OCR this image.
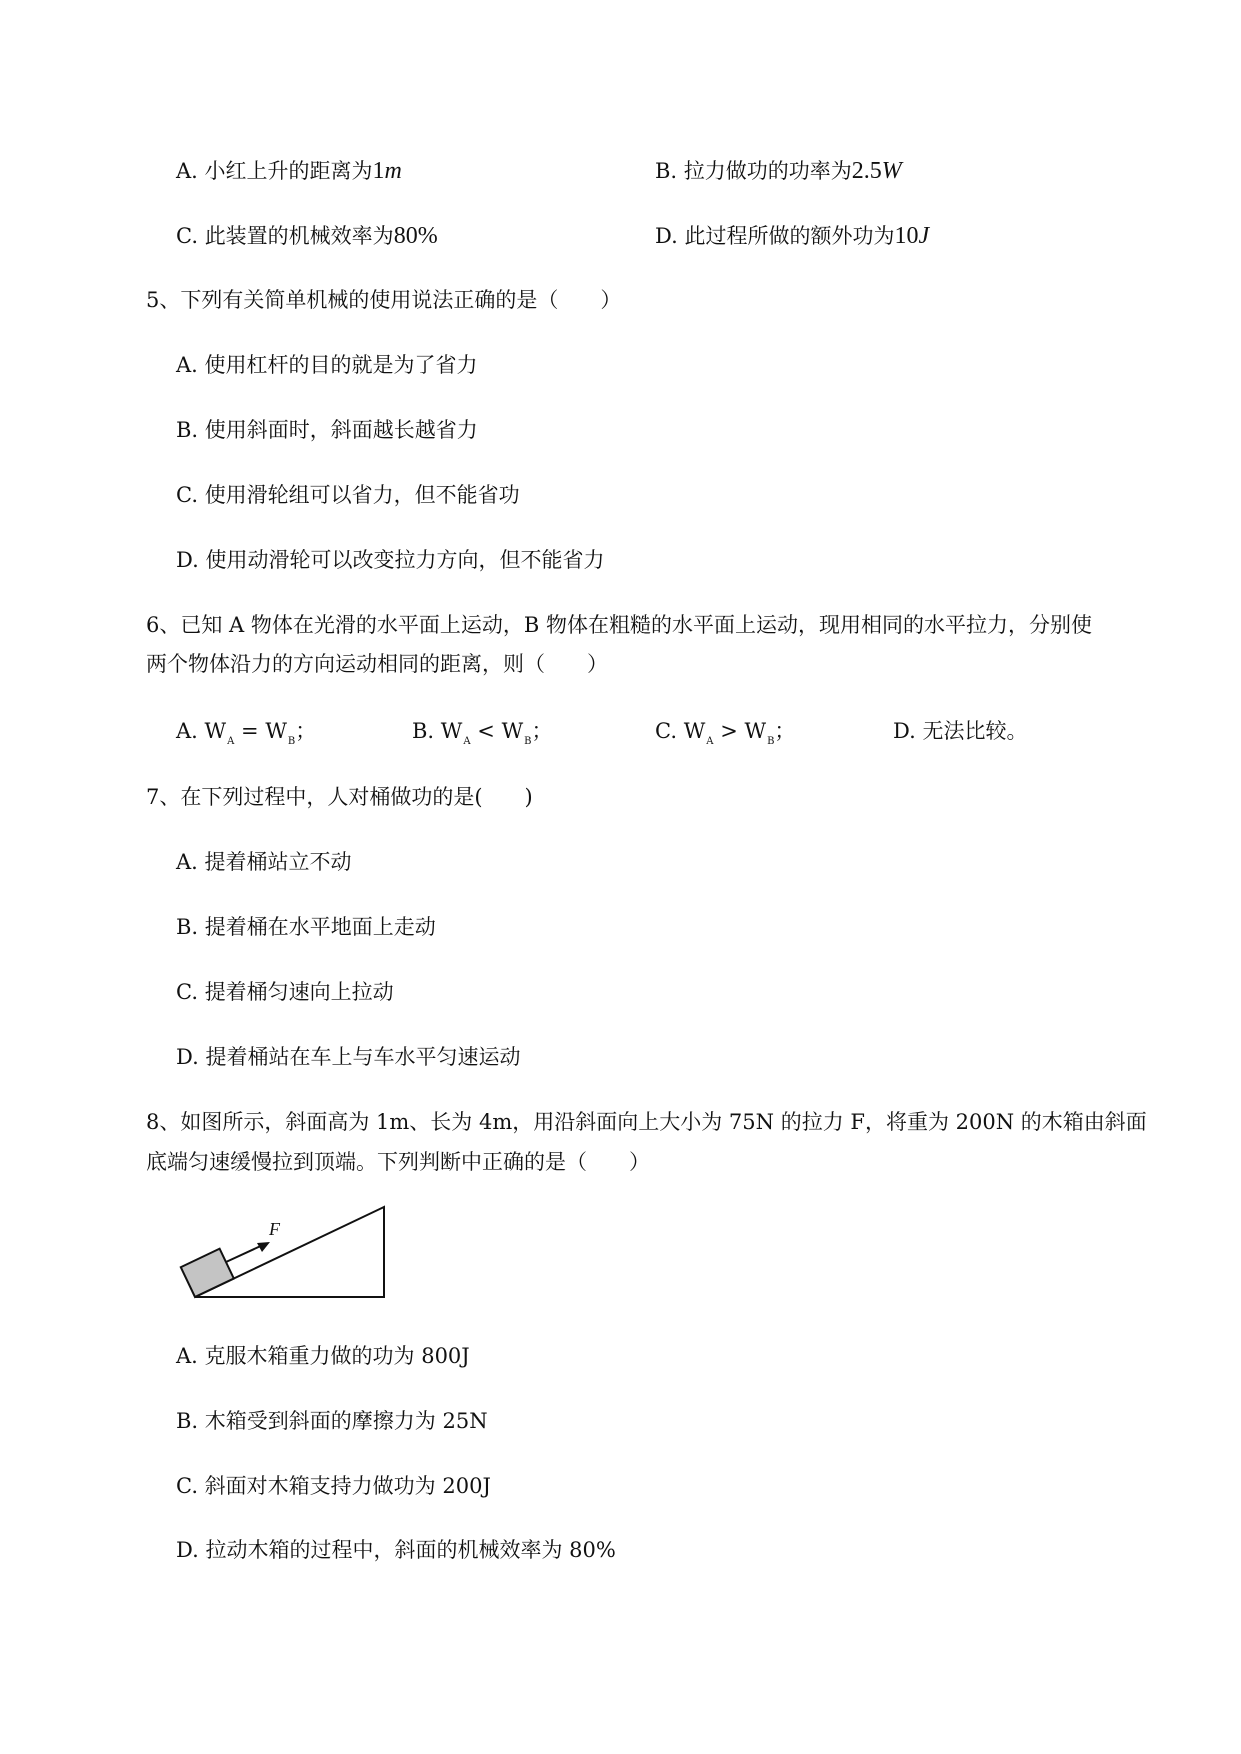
A. 小红上升的距离为1m	B. 拉力做功的功率为2.5W
C. 此装置的机械效率为80%	D. 此过程所做的额外功为10J
5、下列有关简单机械的使用说法正确的是（　　）
A. 使用杠杆的目的就是为了省力
B. 使用斜面时，斜面越长越省力
C. 使用滑轮组可以省力，但不能省功
D. 使用动滑轮可以改变拉力方向，但不能省力
6、已知 A 物体在光滑的水平面上运动，B 物体在粗糙的水平面上运动，现用相同的水平拉力，分别使
两个物体沿力的方向运动相同的距离，则（　　）
A. $W_A = W_B$；	B. $W_A < W_B$；	C. $W_A > W_B$；	D. 无法比较。
7、在下列过程中，人对桶做功的是(　　)
A. 提着桶站立不动
B. 提着桶在水平地面上走动
C. 提着桶匀速向上拉动
D. 提着桶站在车上与车水平匀速运动
8、如图所示，斜面高为 1m、长为 4m，用沿斜面向上大小为 75N 的拉力 F，将重为 200N 的木箱由斜面
底端匀速缓慢拉到顶端。下列判断中正确的是（　　）
F
A. 克服木箱重力做的功为 800J
B. 木箱受到斜面的摩擦力为 25N
C. 斜面对木箱支持力做功为 200J
D. 拉动木箱的过程中，斜面的机械效率为 80%
